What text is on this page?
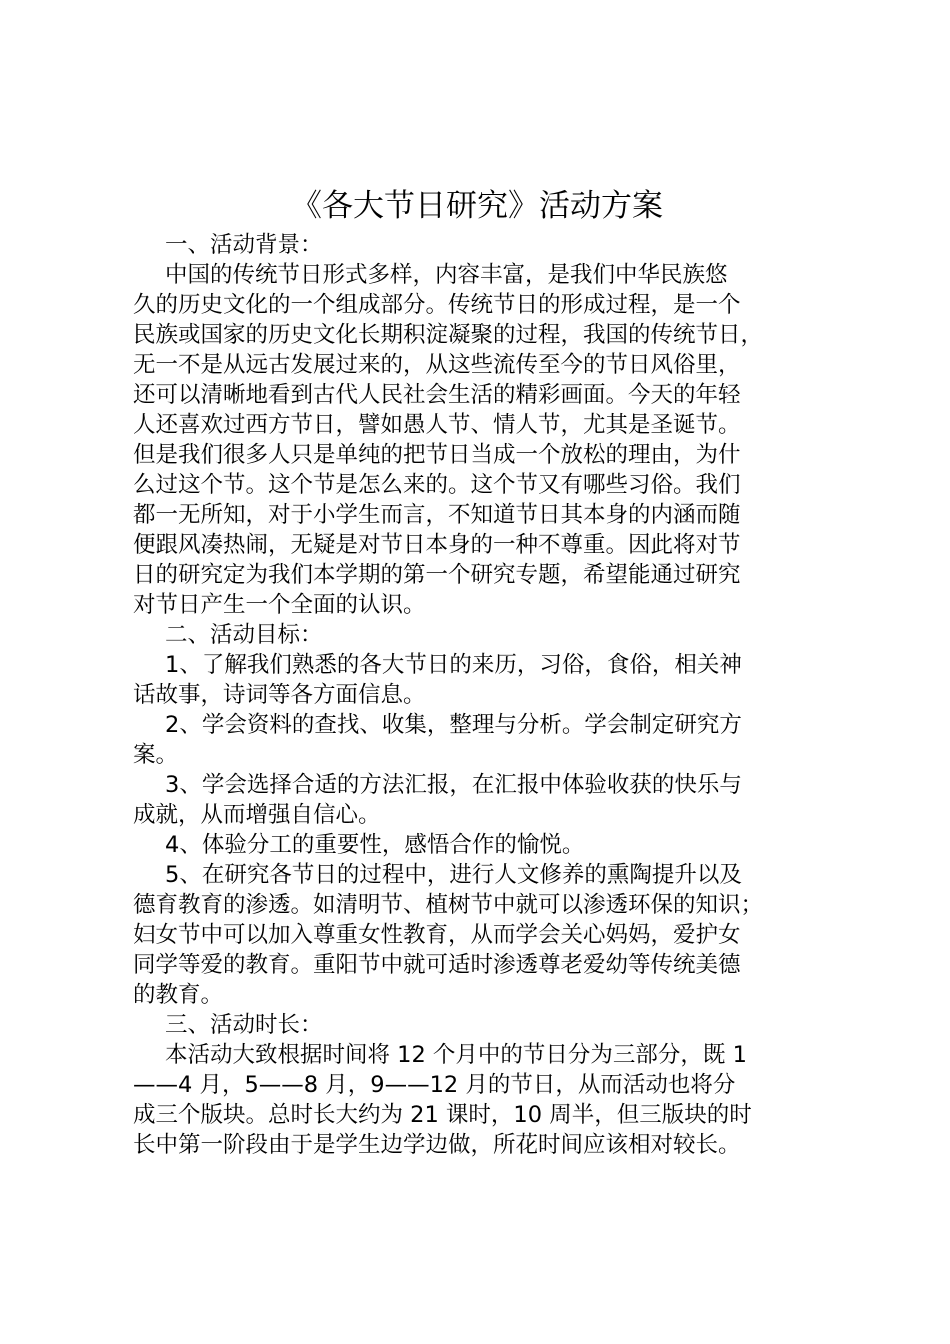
《各大节日研究》活动方案
一、活动背景：
中国的传统节日形式多样，内容丰富，是我们中华民族悠
久的历史文化的一个组成部分。传统节日的形成过程，是一个
民族或国家的历史文化长期积淀凝聚的过程，我国的传统节日，
无一不是从远古发展过来的，从这些流传至今的节日风俗里，
还可以清晰地看到古代人民社会生活的精彩画面。今天的年轻
人还喜欢过西方节日，譬如愚人节、情人节，尤其是圣诞节。
但是我们很多人只是单纯的把节日当成一个放松的理由，为什
么过这个节。这个节是怎么来的。这个节又有哪些习俗。我们
都一无所知，对于小学生而言，不知道节日其本身的内涵而随
便跟风凑热闹，无疑是对节日本身的一种不尊重。因此将对节
日的研究定为我们本学期的第一个研究专题，希望能通过研究
对节日产生一个全面的认识。
二、活动目标：
1、了解我们熟悉的各大节日的来历，习俗，食俗，相关神
话故事，诗词等各方面信息。
2、学会资料的查找、收集，整理与分析。学会制定研究方
案。
3、学会选择合适的方法汇报，在汇报中体验收获的快乐与
成就，从而增强自信心。
4、体验分工的重要性，感悟合作的愉悦。
5、在研究各节日的过程中，进行人文修养的熏陶提升以及
德育教育的渗透。如清明节、植树节中就可以渗透环保的知识；
妇女节中可以加入尊重女性教育，从而学会关心妈妈，爱护女
同学等爱的教育。重阳节中就可适时渗透尊老爱幼等传统美德
的教育。
三、活动时长：
本活动大致根据时间将 12 个月中的节日分为三部分，既 1
——4 月，5——8 月，9——12 月的节日，从而活动也将分
成三个版块。总时长大约为 21 课时，10 周半，但三版块的时
长中第一阶段由于是学生边学边做，所花时间应该相对较长。
